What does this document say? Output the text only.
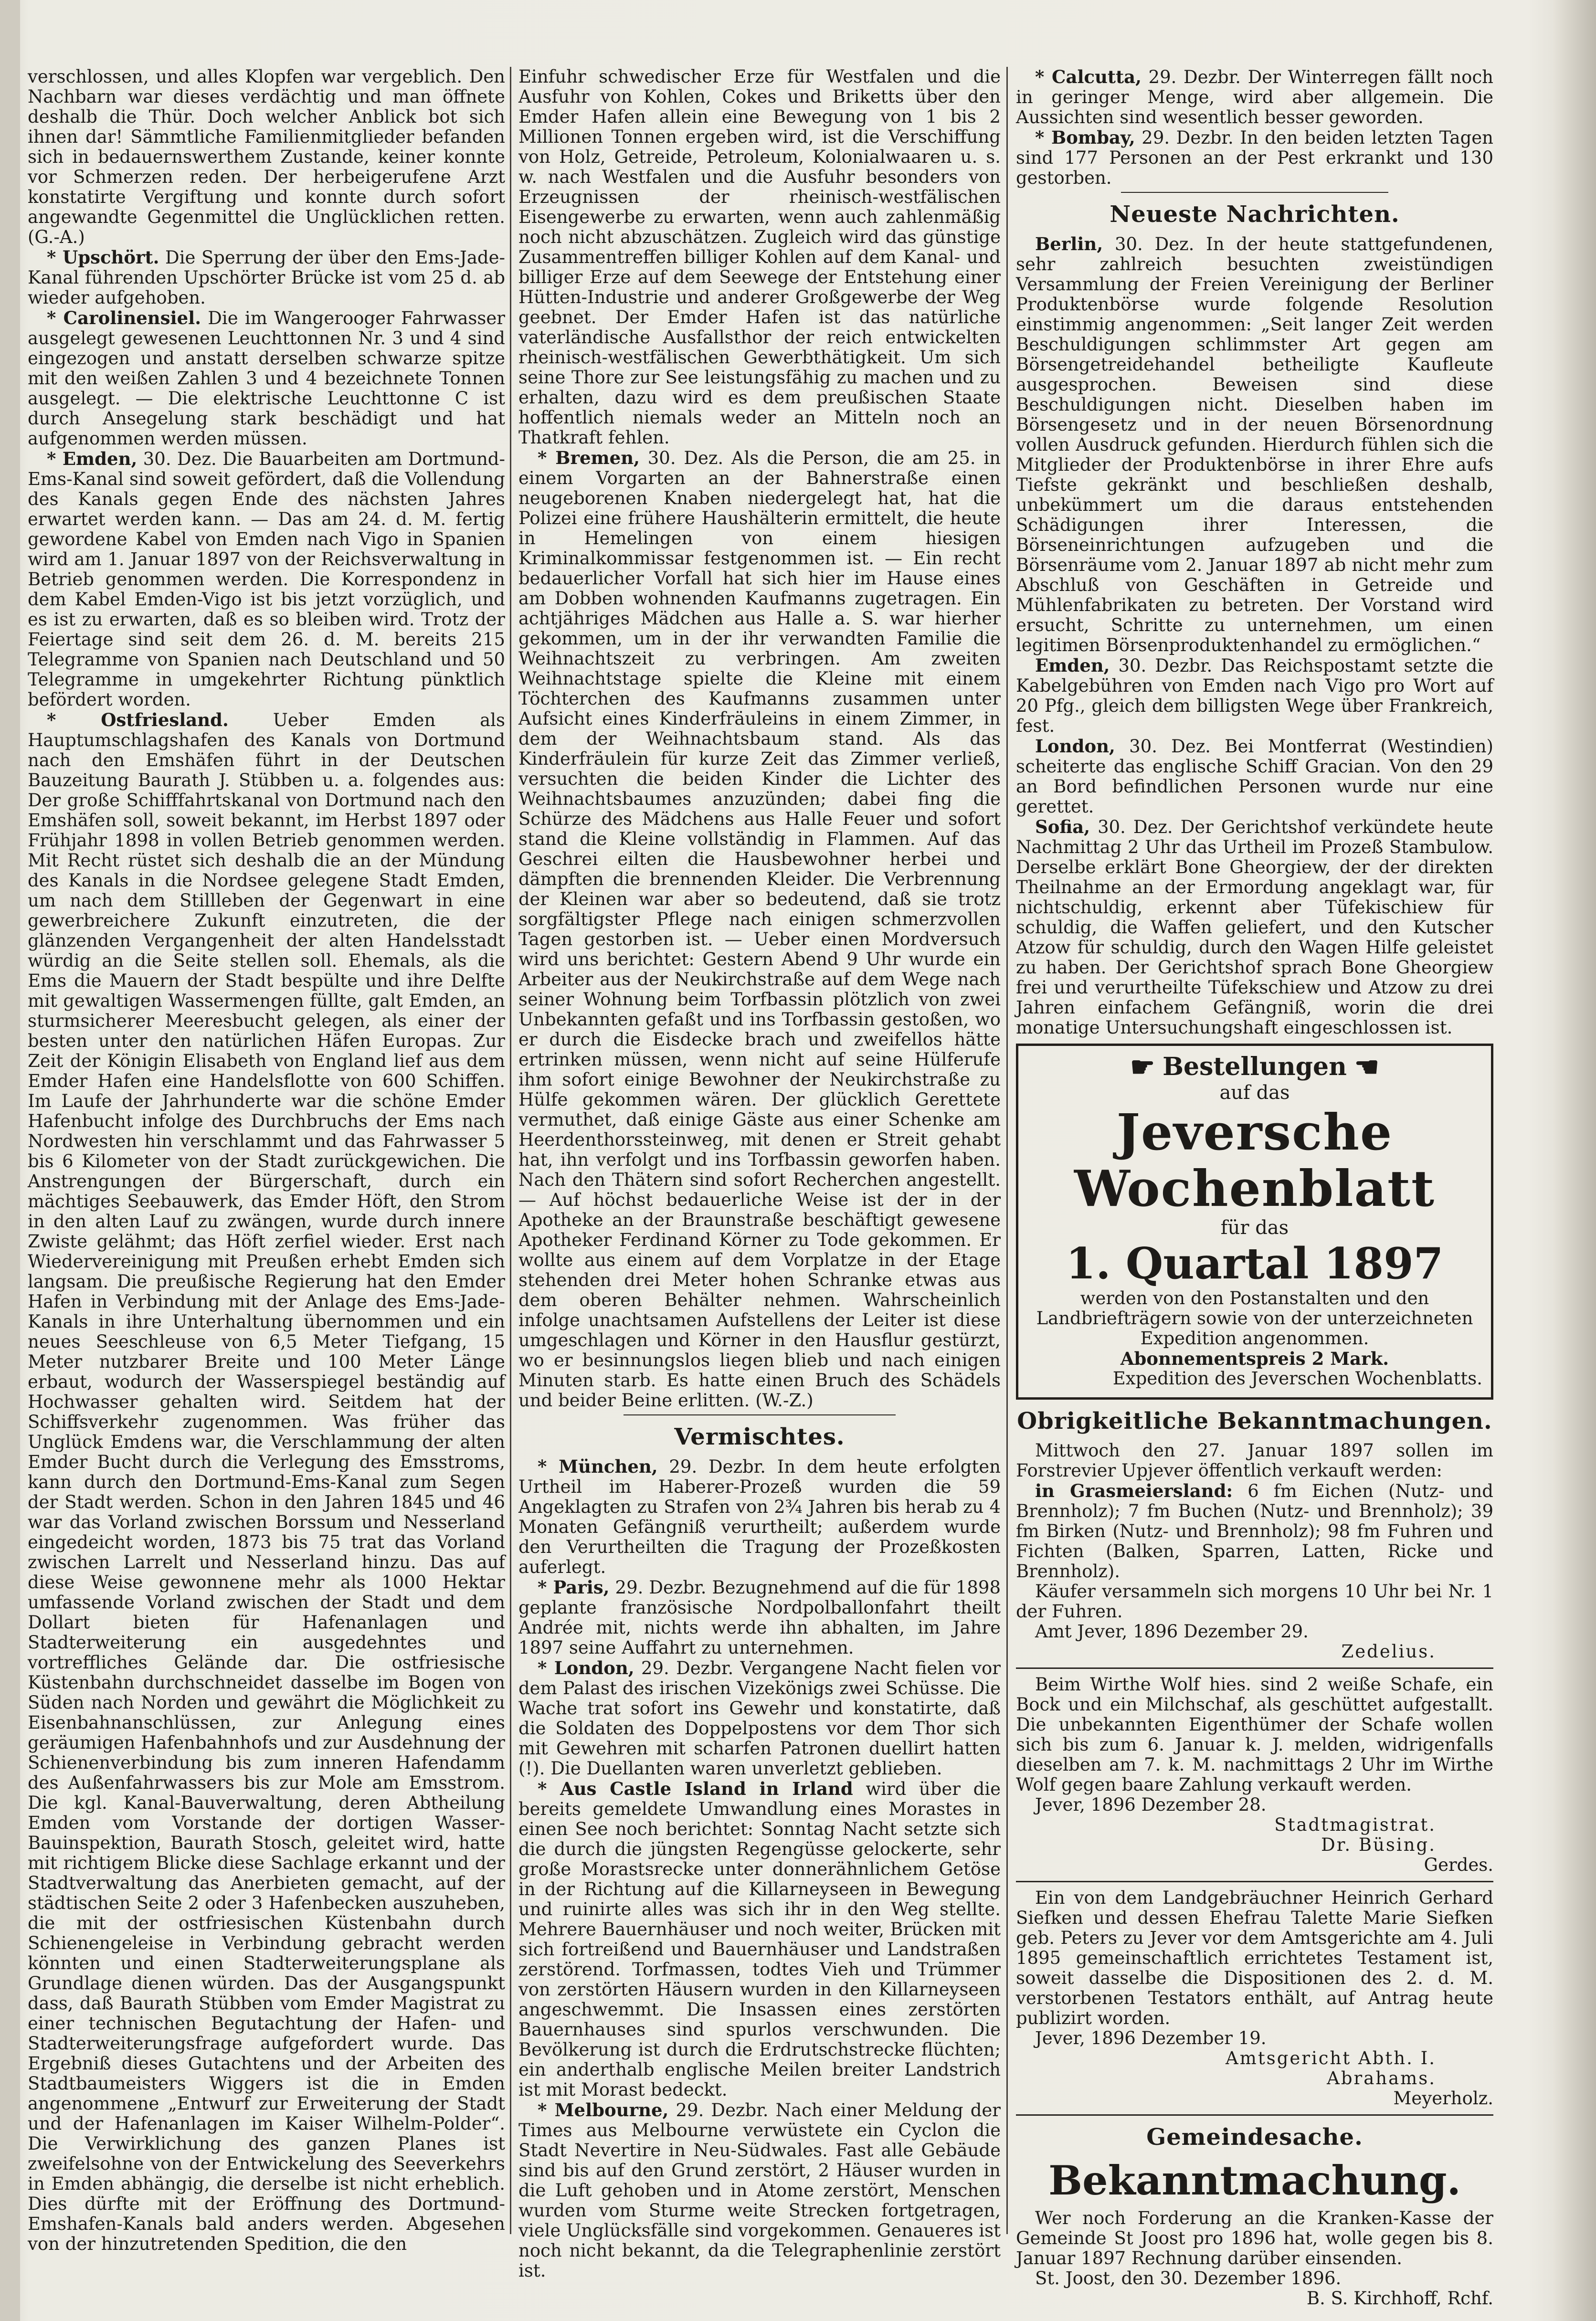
verschlossen, und alles Klopfen war vergeblich. Den Nachbarn war dieses verdächtig und man öffnete deshalb die Thür. Doch welcher Anblick bot sich ihnen dar! Sämmtliche Familienmitglieder befanden sich in bedauernswerthem Zustande, keiner konnte vor Schmerzen reden. Der herbeigerufene Arzt konstatirte Vergiftung und konnte durch sofort angewandte Gegenmittel die Unglücklichen retten. (G.-A.)

* Upschört. Die Sperrung der über den Ems-Jade-Kanal führenden Upschörter Brücke ist vom 25 d. ab wieder aufgehoben.

* Carolinensiel. Die im Wangerooger Fahrwasser ausgelegt gewesenen Leuchttonnen Nr. 3 und 4 sind eingezogen und anstatt derselben schwarze spitze mit den weißen Zahlen 3 und 4 bezeichnete Tonnen ausgelegt. — Die elektrische Leuchttonne C ist durch Ansegelung stark beschädigt und hat aufgenommen werden müssen.

* Emden, 30. Dez. Die Bauarbeiten am Dortmund-Ems-Kanal sind soweit gefördert, daß die Vollendung des Kanals gegen Ende des nächsten Jahres erwartet werden kann. — Das am 24. d. M. fertig gewordene Kabel von Emden nach Vigo in Spanien wird am 1. Januar 1897 von der Reichsverwaltung in Betrieb genommen werden. Die Korrespondenz in dem Kabel Emden-Vigo ist bis jetzt vorzüglich, und es ist zu erwarten, daß es so bleiben wird. Trotz der Feiertage sind seit dem 26. d. M. bereits 215 Telegramme von Spanien nach Deutschland und 50 Telegramme in umgekehrter Richtung pünktlich befördert worden.

* Ostfriesland. Ueber Emden als Hauptumschlagshafen des Kanals von Dortmund nach den Emshäfen führt in der Deutschen Bauzeitung Baurath J. Stübben u. a. folgendes aus: Der große Schifffahrtskanal von Dortmund nach den Emshäfen soll, soweit bekannt, im Herbst 1897 oder Frühjahr 1898 in vollen Betrieb genommen werden. Mit Recht rüstet sich deshalb die an der Mündung des Kanals in die Nordsee gelegene Stadt Emden, um nach dem Stillleben der Gegenwart in eine gewerbreichere Zukunft einzutreten, die der glänzenden Vergangenheit der alten Handelsstadt würdig an die Seite stellen soll. Ehemals, als die Ems die Mauern der Stadt bespülte und ihre Delfte mit gewaltigen Wassermengen füllte, galt Emden, an sturmsicherer Meeresbucht gelegen, als einer der besten unter den natürlichen Häfen Europas. Zur Zeit der Königin Elisabeth von England lief aus dem Emder Hafen eine Handelsflotte von 600 Schiffen. Im Laufe der Jahrhunderte war die schöne Emder Hafenbucht infolge des Durchbruchs der Ems nach Nordwesten hin verschlammt und das Fahrwasser 5 bis 6 Kilometer von der Stadt zurückgewichen. Die Anstrengungen der Bürgerschaft, durch ein mächtiges Seebauwerk, das Emder Höft, den Strom in den alten Lauf zu zwängen, wurde durch innere Zwiste gelähmt; das Höft zerfiel wieder. Erst nach Wiedervereinigung mit Preußen erhebt Emden sich langsam. Die preußische Regierung hat den Emder Hafen in Verbindung mit der Anlage des Ems-Jade-Kanals in ihre Unterhaltung übernommen und ein neues Seeschleuse von 6,5 Meter Tiefgang, 15 Meter nutzbarer Breite und 100 Meter Länge erbaut, wodurch der Wasserspiegel beständig auf Hochwasser gehalten wird. Seitdem hat der Schiffsverkehr zugenommen. Was früher das Unglück Emdens war, die Verschlammung der alten Emder Bucht durch die Verlegung des Emsstroms, kann durch den Dortmund-Ems-Kanal zum Segen der Stadt werden. Schon in den Jahren 1845 und 46 war das Vorland zwischen Borssum und Nesserland eingedeicht worden, 1873 bis 75 trat das Vorland zwischen Larrelt und Nesserland hinzu. Das auf diese Weise gewonnene mehr als 1000 Hektar umfassende Vorland zwischen der Stadt und dem Dollart bieten für Hafenanlagen und Stadterweiterung ein ausgedehntes und vortreffliches Gelände dar. Die ostfriesische Küstenbahn durchschneidet dasselbe im Bogen von Süden nach Norden und gewährt die Möglichkeit zu Eisenbahnanschlüssen, zur Anlegung eines geräumigen Hafenbahnhofs und zur Ausdehnung der Schienenverbindung bis zum inneren Hafendamm des Außenfahrwassers bis zur Mole am Emsstrom. Die kgl. Kanal-Bauverwaltung, deren Abtheilung Emden vom Vorstande der dortigen Wasser-Bauinspektion, Baurath Stosch, geleitet wird, hatte mit richtigem Blicke diese Sachlage erkannt und der Stadtverwaltung das Anerbieten gemacht, auf der städtischen Seite 2 oder 3 Hafenbecken auszuheben, die mit der ostfriesischen Küstenbahn durch Schienengeleise in Verbindung gebracht werden könnten und einen Stadterweiterungsplane als Grundlage dienen würden. Das der Ausgangspunkt dass, daß Baurath Stübben vom Emder Magistrat zu einer technischen Begutachtung der Hafen- und Stadterweiterungsfrage aufgefordert wurde. Das Ergebniß dieses Gutachtens und der Arbeiten des Stadtbaumeisters Wiggers ist die in Emden angenommene „Entwurf zur Erweiterung der Stadt und der Hafenanlagen im Kaiser Wilhelm-Polder“. Die Verwirklichung des ganzen Planes ist zweifelsohne von der Entwickelung des Seeverkehrs in Emden abhängig, die derselbe ist nicht erheblich. Dies dürfte mit der Eröffnung des Dortmund-Emshafen-Kanals bald anders werden. Abgesehen von der hinzutretenden Spedition, die den

Einfuhr schwedischer Erze für Westfalen und die Ausfuhr von Kohlen, Cokes und Briketts über den Emder Hafen allein eine Bewegung von 1 bis 2 Millionen Tonnen ergeben wird, ist die Verschiffung von Holz, Getreide, Petroleum, Kolonialwaaren u. s. w. nach Westfalen und die Ausfuhr besonders von Erzeugnissen der rheinisch-westfälischen Eisengewerbe zu erwarten, wenn auch zahlenmäßig noch nicht abzuschätzen. Zugleich wird das günstige Zusammentreffen billiger Kohlen auf dem Kanal- und billiger Erze auf dem Seewege der Entstehung einer Hütten-Industrie und anderer Großgewerbe der Weg geebnet. Der Emder Hafen ist das natürliche vaterländische Ausfallsthor der reich entwickelten rheinisch-westfälischen Gewerbthätigkeit. Um sich seine Thore zur See leistungsfähig zu machen und zu erhalten, dazu wird es dem preußischen Staate hoffentlich niemals weder an Mitteln noch an Thatkraft fehlen.

* Bremen, 30. Dez. Als die Person, die am 25. in einem Vorgarten an der Bahnerstraße einen neugeborenen Knaben niedergelegt hat, hat die Polizei eine frühere Haushälterin ermittelt, die heute in Hemelingen von einem hiesigen Kriminalkommissar festgenommen ist. — Ein recht bedauerlicher Vorfall hat sich hier im Hause eines am Dobben wohnenden Kaufmanns zugetragen. Ein achtjähriges Mädchen aus Halle a. S. war hierher gekommen, um in der ihr verwandten Familie die Weihnachtszeit zu verbringen. Am zweiten Weihnachtstage spielte die Kleine mit einem Töchterchen des Kaufmanns zusammen unter Aufsicht eines Kinderfräuleins in einem Zimmer, in dem der Weihnachtsbaum stand. Als das Kinderfräulein für kurze Zeit das Zimmer verließ, versuchten die beiden Kinder die Lichter des Weihnachtsbaumes anzuzünden; dabei fing die Schürze des Mädchens aus Halle Feuer und sofort stand die Kleine vollständig in Flammen. Auf das Geschrei eilten die Hausbewohner herbei und dämpften die brennenden Kleider. Die Verbrennung der Kleinen war aber so bedeutend, daß sie trotz sorgfältigster Pflege nach einigen schmerzvollen Tagen gestorben ist. — Ueber einen Mordversuch wird uns berichtet: Gestern Abend 9 Uhr wurde ein Arbeiter aus der Neukirchstraße auf dem Wege nach seiner Wohnung beim Torfbassin plötzlich von zwei Unbekannten gefaßt und ins Torfbassin gestoßen, wo er durch die Eisdecke brach und zweifellos hätte ertrinken müssen, wenn nicht auf seine Hülferufe ihm sofort einige Bewohner der Neukirchstraße zu Hülfe gekommen wären. Der glücklich Gerettete vermuthet, daß einige Gäste aus einer Schenke am Heerdenthorssteinweg, mit denen er Streit gehabt hat, ihn verfolgt und ins Torfbassin geworfen haben. Nach den Thätern sind sofort Recherchen angestellt. — Auf höchst bedauerliche Weise ist der in der Apotheke an der Braunstraße beschäftigt gewesene Apotheker Ferdinand Körner zu Tode gekommen. Er wollte aus einem auf dem Vorplatze in der Etage stehenden drei Meter hohen Schranke etwas aus dem oberen Behälter nehmen. Wahrscheinlich infolge unachtsamen Aufstellens der Leiter ist diese umgeschlagen und Körner in den Hausflur gestürzt, wo er besinnungslos liegen blieb und nach einigen Minuten starb. Es hatte einen Bruch des Schädels und beider Beine erlitten. (W.-Z.)

Vermischtes.

* München, 29. Dezbr. In dem heute erfolgten Urtheil im Haberer-Prozeß wurden die 59 Angeklagten zu Strafen von 2¾ Jahren bis herab zu 4 Monaten Gefängniß verurtheilt; außerdem wurde den Verurtheilten die Tragung der Prozeßkosten auferlegt.

* Paris, 29. Dezbr. Bezugnehmend auf die für 1898 geplante französische Nordpolballonfahrt theilt Andrée mit, nichts werde ihn abhalten, im Jahre 1897 seine Auffahrt zu unternehmen.

* London, 29. Dezbr. Vergangene Nacht fielen vor dem Palast des irischen Vizekönigs zwei Schüsse. Die Wache trat sofort ins Gewehr und konstatirte, daß die Soldaten des Doppelpostens vor dem Thor sich mit Gewehren mit scharfen Patronen duellirt hatten (!). Die Duellanten waren unverletzt geblieben.

* Aus Castle Island in Irland wird über die bereits gemeldete Umwandlung eines Morastes in einen See noch berichtet: Sonntag Nacht setzte sich die durch die jüngsten Regengüsse gelockerte, sehr große Morastsrecke unter donnerähnlichem Getöse in der Richtung auf die Killarneyseen in Bewegung und ruinirte alles was sich ihr in den Weg stellte. Mehrere Bauernhäuser und noch weiter, Brücken mit sich fortreißend und Bauernhäuser und Landstraßen zerstörend. Torfmassen, todtes Vieh und Trümmer von zerstörten Häusern wurden in den Killarneyseen angeschwemmt. Die Insassen eines zerstörten Bauernhauses sind spurlos verschwunden. Die Bevölkerung ist durch die Erdrutschstrecke flüchten; ein anderthalb englische Meilen breiter Landstrich ist mit Morast bedeckt.

* Melbourne, 29. Dezbr. Nach einer Meldung der Times aus Melbourne verwüstete ein Cyclon die Stadt Nevertire in Neu-Südwales. Fast alle Gebäude sind bis auf den Grund zerstört, 2 Häuser wurden in die Luft gehoben und in Atome zerstört, Menschen wurden vom Sturme weite Strecken fortgetragen, viele Unglücksfälle sind vorgekommen. Genaueres ist noch nicht bekannt, da die Telegraphenlinie zerstört ist.

* Calcutta, 29. Dezbr. Der Winterregen fällt noch in geringer Menge, wird aber allgemein. Die Aussichten sind wesentlich besser geworden.

* Bombay, 29. Dezbr. In den beiden letzten Tagen sind 177 Personen an der Pest erkrankt und 130 gestorben.

Neueste Nachrichten.

Berlin, 30. Dez. In der heute stattgefundenen, sehr zahlreich besuchten zweistündigen Versammlung der Freien Vereinigung der Berliner Produktenbörse wurde folgende Resolution einstimmig angenommen: „Seit langer Zeit werden Beschuldigungen schlimmster Art gegen am Börsengetreidehandel betheiligte Kaufleute ausgesprochen. Beweisen sind diese Beschuldigungen nicht. Dieselben haben im Börsengesetz und in der neuen Börsenordnung vollen Ausdruck gefunden. Hierdurch fühlen sich die Mitglieder der Produktenbörse in ihrer Ehre aufs Tiefste gekränkt und beschließen deshalb, unbekümmert um die daraus entstehenden Schädigungen ihrer Interessen, die Börseneinrichtungen aufzugeben und die Börsenräume vom 2. Januar 1897 ab nicht mehr zum Abschluß von Geschäften in Getreide und Mühlenfabrikaten zu betreten. Der Vorstand wird ersucht, Schritte zu unternehmen, um einen legitimen Börsenproduktenhandel zu ermöglichen.“

Emden, 30. Dezbr. Das Reichspostamt setzte die Kabelgebühren von Emden nach Vigo pro Wort auf 20 Pfg., gleich dem billigsten Wege über Frankreich, fest.

London, 30. Dez. Bei Montferrat (Westindien) scheiterte das englische Schiff Gracian. Von den 29 an Bord befindlichen Personen wurde nur eine gerettet.

Sofia, 30. Dez. Der Gerichtshof verkündete heute Nachmittag 2 Uhr das Urtheil im Prozeß Stambulow. Derselbe erklärt Bone Gheorgiew, der der direkten Theilnahme an der Ermordung angeklagt war, für nichtschuldig, erkennt aber Tüfekischiew für schuldig, die Waffen geliefert, und den Kutscher Atzow für schuldig, durch den Wagen Hilfe geleistet zu haben. Der Gerichtshof sprach Bone Gheorgiew frei und verurtheilte Tüfekschiew und Atzow zu drei Jahren einfachem Gefängniß, worin die drei monatige Untersuchungshaft eingeschlossen ist.

☛ Bestellungen ☚
auf das
Jeversche Wochenblatt
für das
1. Quartal 1897
werden von den Postanstalten und den Landbriefträgern sowie von der unterzeichneten Expedition angenommen.
Abonnementspreis 2 Mark.
Expedition des Jeverschen Wochenblatts.
Obrigkeitliche Bekanntmachungen.

Mittwoch den 27. Januar 1897 sollen im Forstrevier Upjever öffentlich verkauft werden:

in Grasmeiersland: 6 fm Eichen (Nutz- und Brennholz); 7 fm Buchen (Nutz- und Brennholz); 39 fm Birken (Nutz- und Brennholz); 98 fm Fuhren und Fichten (Balken, Sparren, Latten, Ricke und Brennholz).

Käufer versammeln sich morgens 10 Uhr bei Nr. 1 der Fuhren.

Amt Jever, 1896 Dezember 29.

Zedelius.

Beim Wirthe Wolf hies. sind 2 weiße Schafe, ein Bock und ein Milchschaf, als geschüttet aufgestallt. Die unbekannten Eigenthümer der Schafe wollen sich bis zum 6. Januar k. J. melden, widrigenfalls dieselben am 7. k. M. nachmittags 2 Uhr im Wirthe Wolf gegen baare Zahlung verkauft werden.

Jever, 1896 Dezember 28.

Stadtmagistrat.
Dr. Büsing.
Gerdes.

Ein von dem Landgebräuchner Heinrich Gerhard Siefken und dessen Ehefrau Talette Marie Siefken geb. Peters zu Jever vor dem Amtsgerichte am 4. Juli 1895 gemeinschaftlich errichtetes Testament ist, soweit dasselbe die Dispositionen des 2. d. M. verstorbenen Testators enthält, auf Antrag heute publizirt worden.

Jever, 1896 Dezember 19.

Amtsgericht Abth. I.
Abrahams.
Meyerholz.
Gemeindesache.
Bekanntmachung.

Wer noch Forderung an die Kranken-Kasse der Gemeinde St Joost pro 1896 hat, wolle gegen bis 8. Januar 1897 Rechnung darüber einsenden.

St. Joost, den 30. Dezember 1896.

B. S. Kirchhoff, Rchf.
